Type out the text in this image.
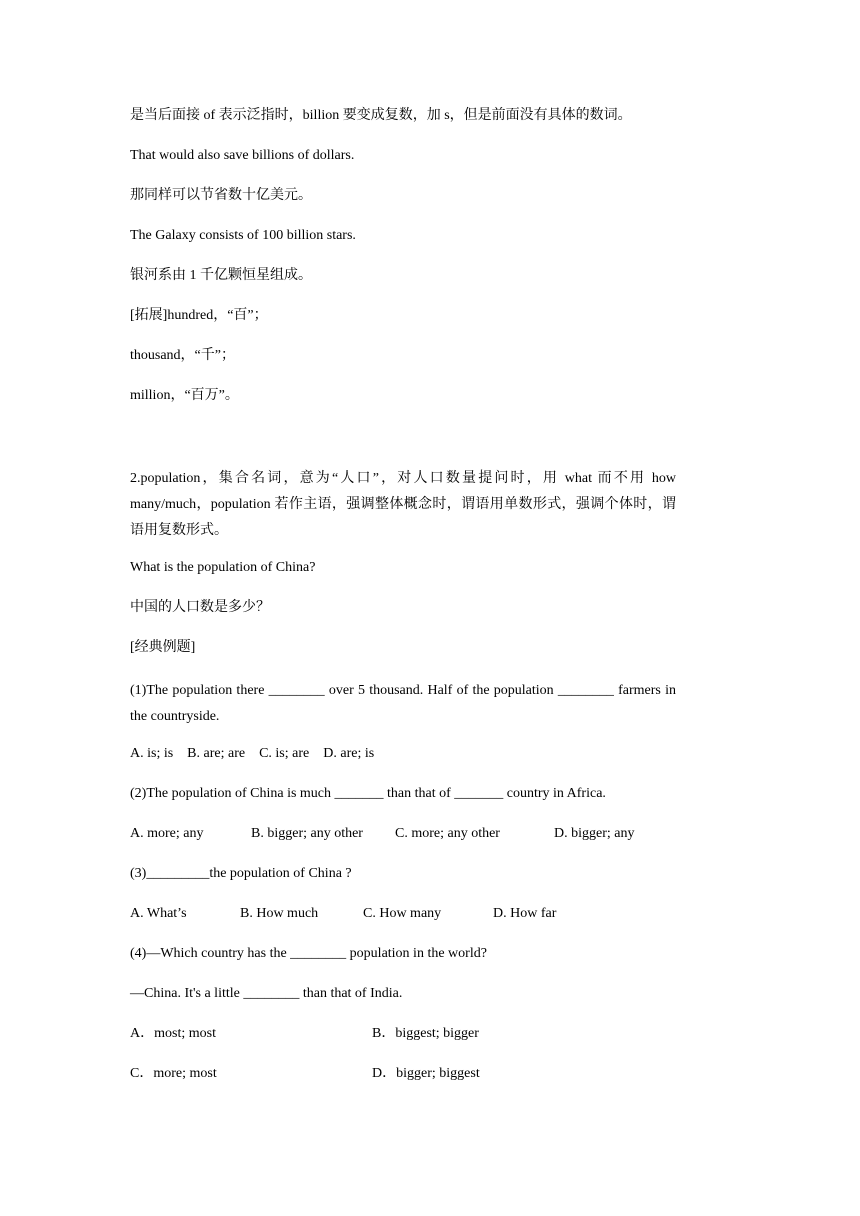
是当后面接 of 表示泛指时，billion 要变成复数，加 s，但是前面没有具体的数词。

That would also save billions of dollars.

那同样可以节省数十亿美元。

The Galaxy consists of 100 billion stars.

银河系由 1 千亿颗恒星组成。

[拓展]hundred，“百”；

thousand，“千”；

million，“百万”。

2.population，集合名词，意为“人口”，对人口数量提问时，用 what 而不用 how many/much，population 若作主语，强调整体概念时，谓语用单数形式，强调个体时，谓语用复数形式。

What is the population of China?

中国的人口数是多少？

[经典例题]

(1)The population there ________ over 5 thousand. Half of the population ________ farmers in the countryside.

A. is; is    B. are; are    C. is; are    D. are; is

(2)The population of China is much _______ than that of _______ country in Africa.

A. more; any	B. bigger; any other	C. more; any other	D. bigger; any

(3)_________the population of China ?

A. What’s	B. How much	C. How many	D. How far

(4)—Which country has the ________ population in the world?

—China. It's a little ________ than that of India.

A．most; most	B．biggest; bigger
C．more; most	D．bigger; biggest
